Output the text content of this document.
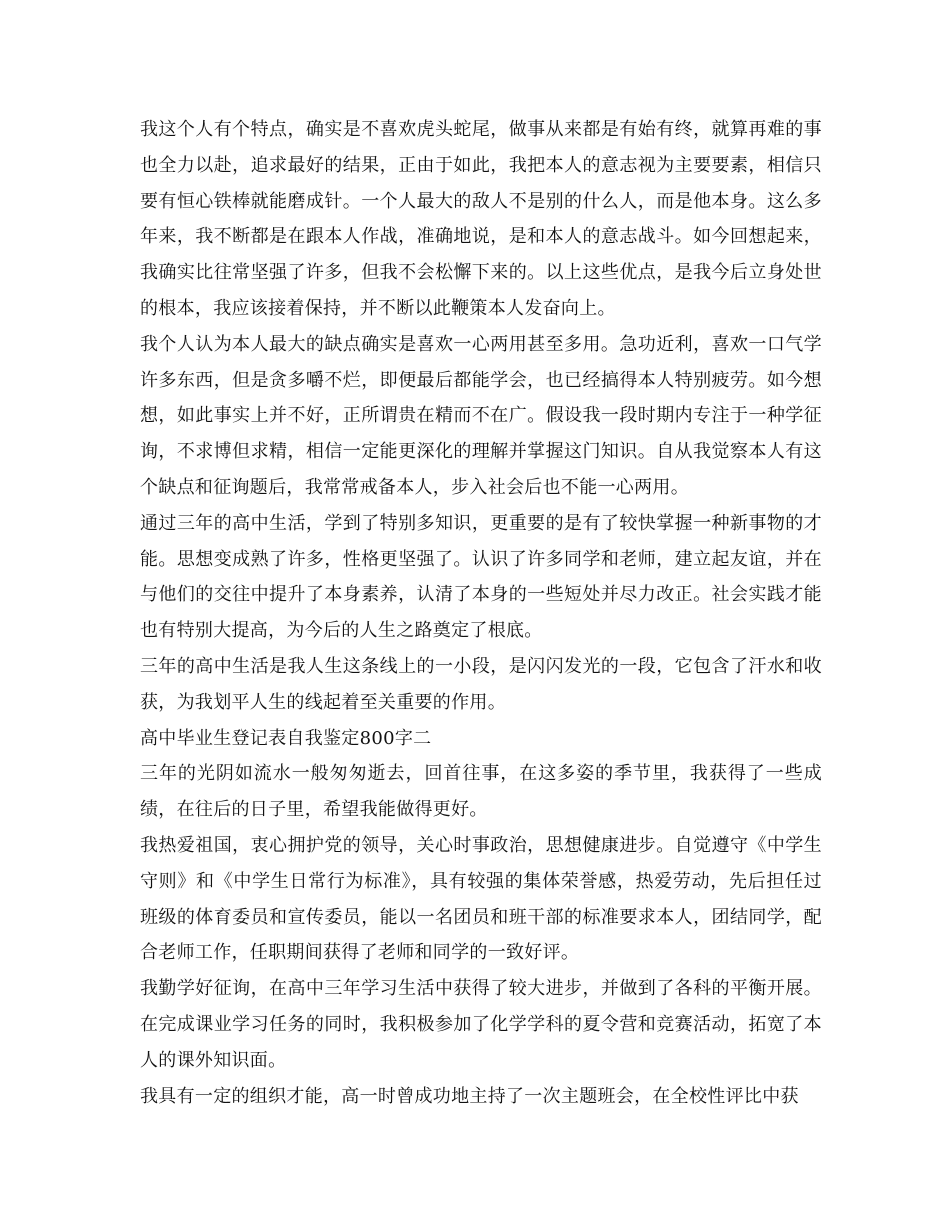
我这个人有个特点，确实是不喜欢虎头蛇尾，做事从来都是有始有终，就算再难的事也全力以赴，追求最好的结果，正由于如此，我把本人的意志视为主要要素，相信只要有恒心铁棒就能磨成针。一个人最大的敌人不是别的什么人，而是他本身。这么多年来，我不断都是在跟本人作战，准确地说，是和本人的意志战斗。如今回想起来，我确实比往常坚强了许多，但我不会松懈下来的。以上这些优点，是我今后立身处世的根本，我应该接着保持，并不断以此鞭策本人发奋向上。

我个人认为本人最大的缺点确实是喜欢一心两用甚至多用。急功近利，喜欢一口气学许多东西，但是贪多嚼不烂，即便最后都能学会，也已经搞得本人特别疲劳。如今想想，如此事实上并不好，正所谓贵在精而不在广。假设我一段时期内专注于一种学征询，不求博但求精，相信一定能更深化的理解并掌握这门知识。自从我觉察本人有这个缺点和征询题后，我常常戒备本人，步入社会后也不能一心两用。

通过三年的高中生活，学到了特别多知识，更重要的是有了较快掌握一种新事物的才能。思想变成熟了许多，性格更坚强了。认识了许多同学和老师，建立起友谊，并在与他们的交往中提升了本身素养，认清了本身的一些短处并尽力改正。社会实践才能也有特别大提高，为今后的人生之路奠定了根底。

三年的高中生活是我人生这条线上的一小段，是闪闪发光的一段，它包含了汗水和收获，为我划平人生的线起着至关重要的作用。

高中毕业生登记表自我鉴定800字二

三年的光阴如流水一般匆匆逝去，回首往事，在这多姿的季节里，我获得了一些成绩，在往后的日子里，希望我能做得更好。

我热爱祖国，衷心拥护党的领导，关心时事政治，思想健康进步。自觉遵守《中学生守则》和《中学生日常行为标准》，具有较强的集体荣誉感，热爱劳动，先后担任过班级的体育委员和宣传委员，能以一名团员和班干部的标准要求本人，团结同学，配合老师工作，任职期间获得了老师和同学的一致好评。

我勤学好征询，在高中三年学习生活中获得了较大进步，并做到了各科的平衡开展。在完成课业学习任务的同时，我积极参加了化学学科的夏令营和竞赛活动，拓宽了本人的课外知识面。

我具有一定的组织才能，高一时曾成功地主持了一次主题班会，在全校性评比中获
